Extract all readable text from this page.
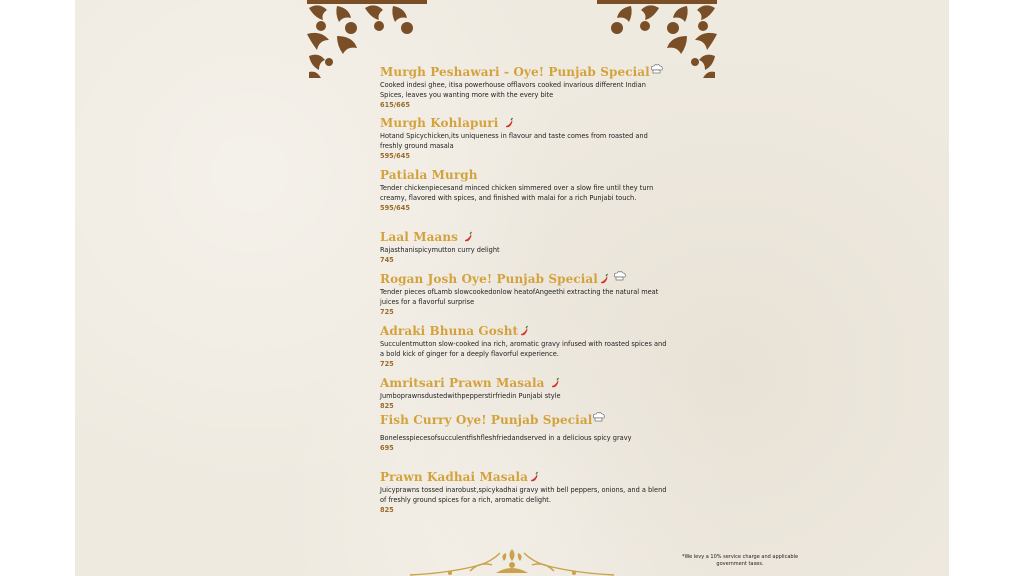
Murgh Peshawari - Oye! Punjab Special
Cooked indesi ghee, itisa powerhouse offlavors cooked invarious different Indian Spices, leaves you wanting more with the every bite
615/665
Murgh Kohlapuri
Hotand Spicychicken,its uniqueness in flavour and taste comes from roasted and freshly ground masala
595/645
Patiala Murgh
Tender chickenpiecesand minced chicken simmered over a slow fire until they turn creamy, flavored with spices, and finished with malai for a rich Punjabi touch.
595/645
Laal Maans
Rajasthanispicymutton curry delight
745
Rogan Josh Oye! Punjab Special
Tender pieces ofLamb slowcookedonlow heatofAngeethi extracting the natural meat juices for a flavorful surprise
725
Adraki Bhuna Gosht
Succulentmutton slow-cooked ina rich, aromatic gravy infused with roasted spices and a bold kick of ginger for a deeply flavorful experience.
725
Amritsari Prawn Masala
Jumboprawnsdustedwithpepperstirfriedin Punjabi style
825
Fish Curry Oye! Punjab Special
Bonelesspiecesofsucculentfishfleshfriedandserved in a delicious spicy gravy
695
Prawn Kadhai Masala
Juicyprawns tossed inarobust,spicykadhai gravy with bell peppers, onions, and a blend of freshly ground spices for a rich, aromatic delight.
825
*We levy a 10% service charge and applicable government taxes.
